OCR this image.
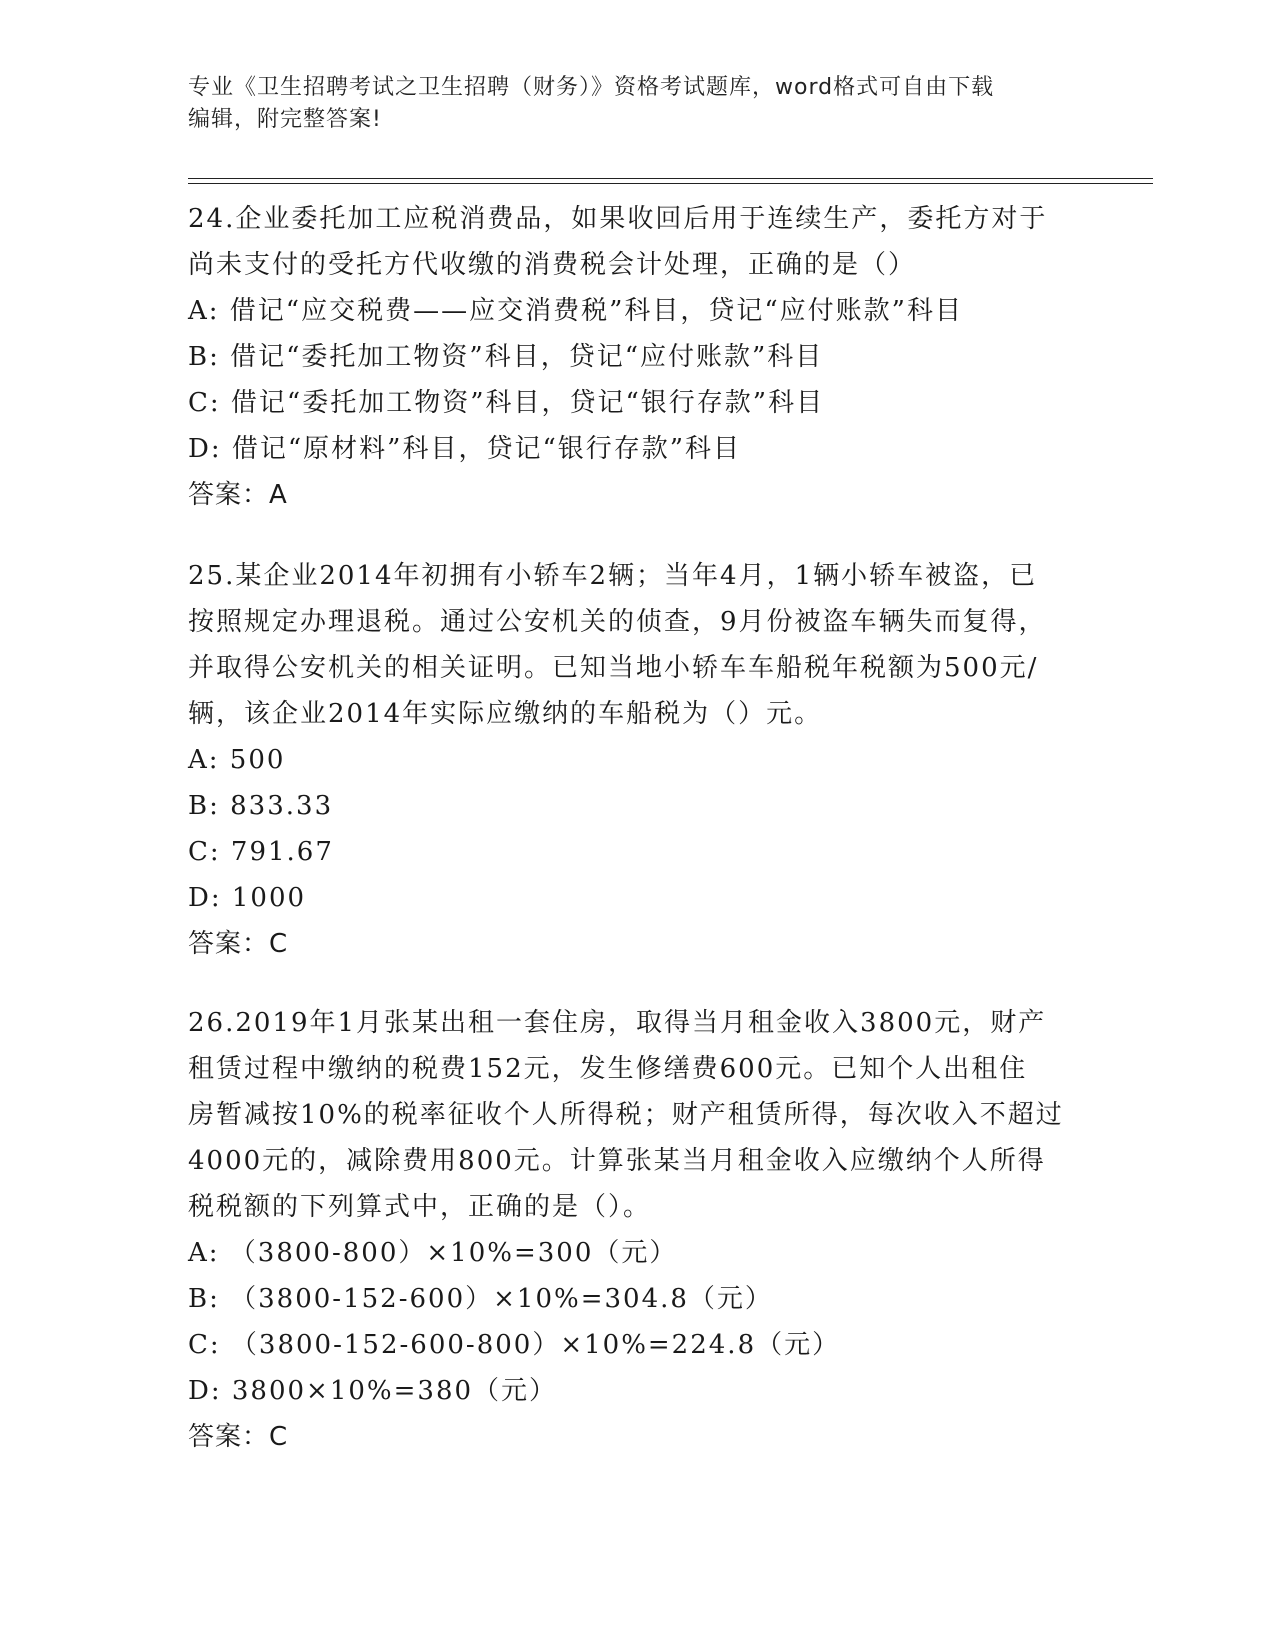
专业《卫生招聘考试之卫生招聘（财务）》资格考试题库，word格式可自由下载
编辑，附完整答案!
24.企业委托加工应税消费品，如果收回后用于连续生产，委托方对于
尚未支付的受托方代收缴的消费税会计处理，正确的是（）
A: 借记“应交税费——应交消费税”科目，贷记“应付账款”科目
B: 借记“委托加工物资”科目，贷记“应付账款”科目
C: 借记“委托加工物资”科目，贷记“银行存款”科目
D: 借记“原材料”科目，贷记“银行存款”科目
答案：A
25.某企业2014年初拥有小轿车2辆；当年4月，1辆小轿车被盗，已
按照规定办理退税。通过公安机关的侦查，9月份被盗车辆失而复得，
并取得公安机关的相关证明。已知当地小轿车车船税年税额为500元/
辆，该企业2014年实际应缴纳的车船税为（）元。
A: 500
B: 833.33
C: 791.67
D: 1000
答案：C
26.2019年1月张某出租一套住房，取得当月租金收入3800元，财产
租赁过程中缴纳的税费152元，发生修缮费600元。已知个人出租住
房暂减按10%的税率征收个人所得税；财产租赁所得，每次收入不超过
4000元的，减除费用800元。计算张某当月租金收入应缴纳个人所得
税税额的下列算式中，正确的是（）。
A: （3800-800）×10%=300（元）
B: （3800-152-600）×10%=304.8（元）
C: （3800-152-600-800）×10%=224.8（元）
D: 3800×10%=380（元）
答案：C
